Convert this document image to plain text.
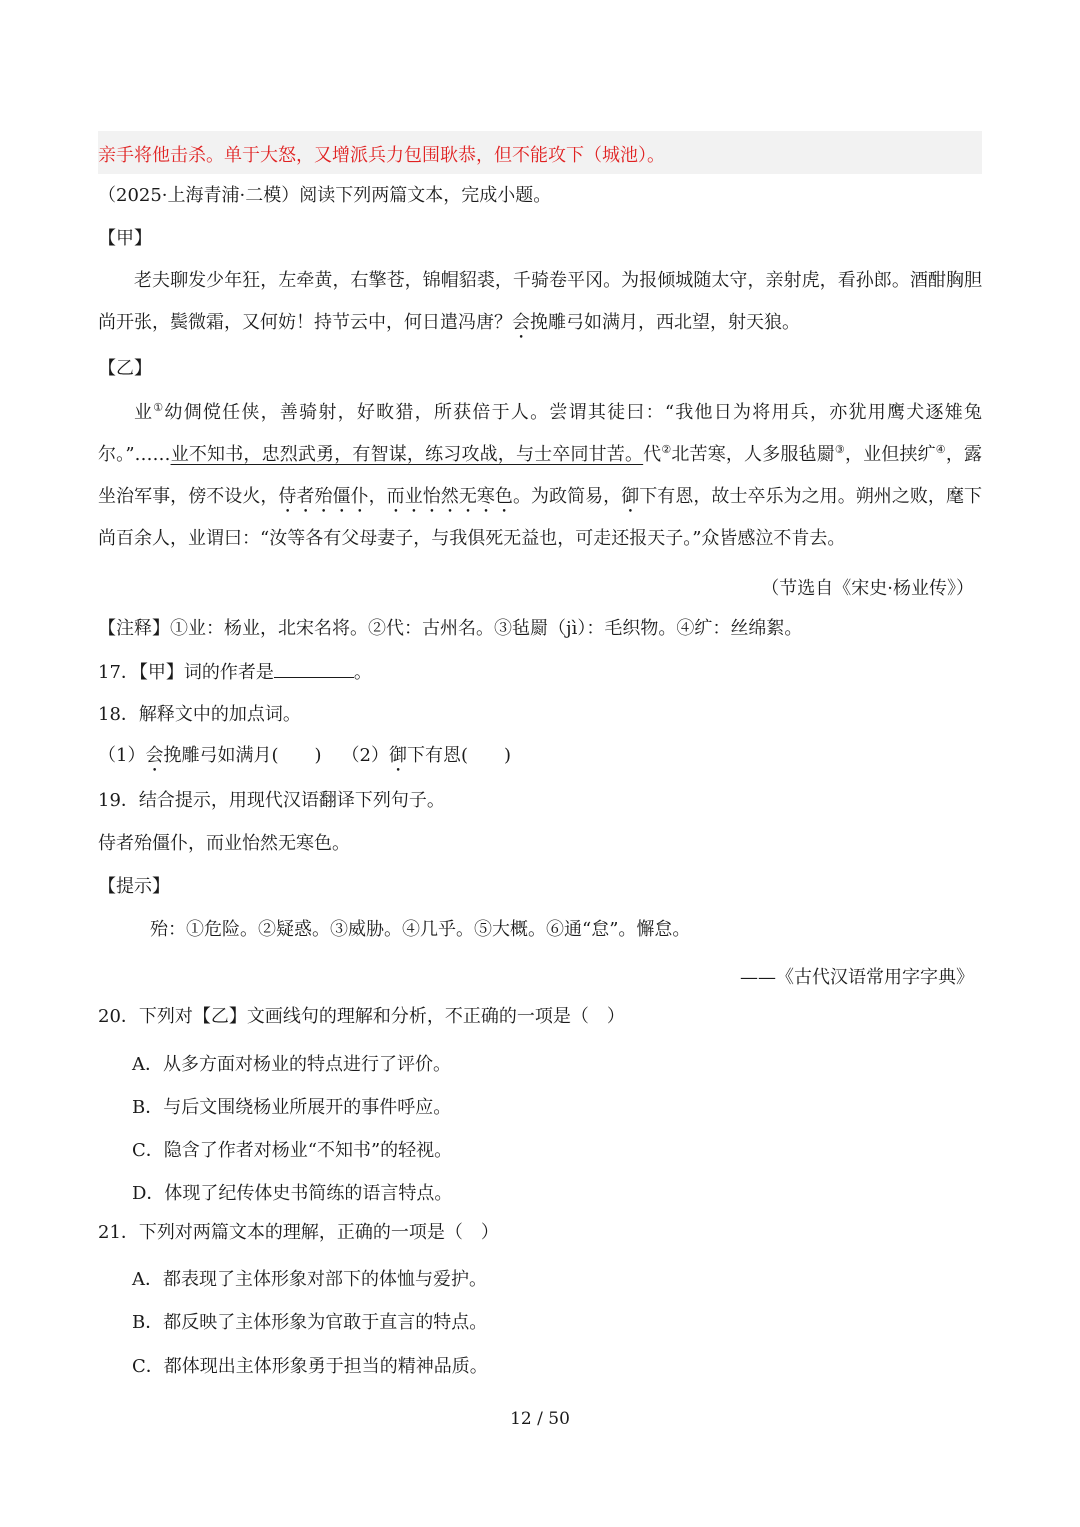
亲手将他击杀。单于大怒，又增派兵力包围耿恭，但不能攻下（城池）。
（2025·上海青浦·二模）阅读下列两篇文本，完成小题。
【甲】
老夫聊发少年狂，左牵黄，右擎苍，锦帽貂裘，千骑卷平冈。为报倾城随太守，亲射虎，看孙郎。酒酣胸胆尚开张，鬓微霜，又何妨！持节云中，何日遣冯唐？会挽雕弓如满月，西北望，射天狼。
【乙】
业①幼倜傥任侠，善骑射，好畋猎，所获倍于人。尝谓其徒曰：“我他日为将用兵，亦犹用鹰犬逐雉兔尔。”……业不知书，忠烈武勇，有智谋，练习攻战，与士卒同甘苦。代②北苦寒，人多服毡罽③，业但挟纩④，露坐治军事，傍不设火，侍者殆僵仆，而业怡然无寒色。为政简易，御下有恩，故士卒乐为之用。朔州之败，麾下尚百余人，业谓曰：“汝等各有父母妻子，与我俱死无益也，可走还报天子。”众皆感泣不肯去。
（节选自《宋史·杨业传》）
【注释】①业：杨业，北宋名将。②代：古州名。③毡罽（jì）：毛织物。④纩：丝绵絮。
17．【甲】词的作者是	。
18．解释文中的加点词。
（1）会挽雕弓如满月(　　) （2）御下有恩(　　)
19．结合提示，用现代汉语翻译下列句子。
侍者殆僵仆，而业怡然无寒色。
【提示】
殆：①危险。②疑惑。③威胁。④几乎。⑤大概。⑥通“怠”。懈怠。
——《古代汉语常用字字典》
20．下列对【乙】文画线句的理解和分析，不正确的一项是（　）
A．从多方面对杨业的特点进行了评价。
B．与后文围绕杨业所展开的事件呼应。
C．隐含了作者对杨业“不知书”的轻视。
D．体现了纪传体史书简练的语言特点。
21．下列对两篇文本的理解，正确的一项是（　）
A．都表现了主体形象对部下的体恤与爱护。
B．都反映了主体形象为官敢于直言的特点。
C．都体现出主体形象勇于担当的精神品质。
12 / 50
